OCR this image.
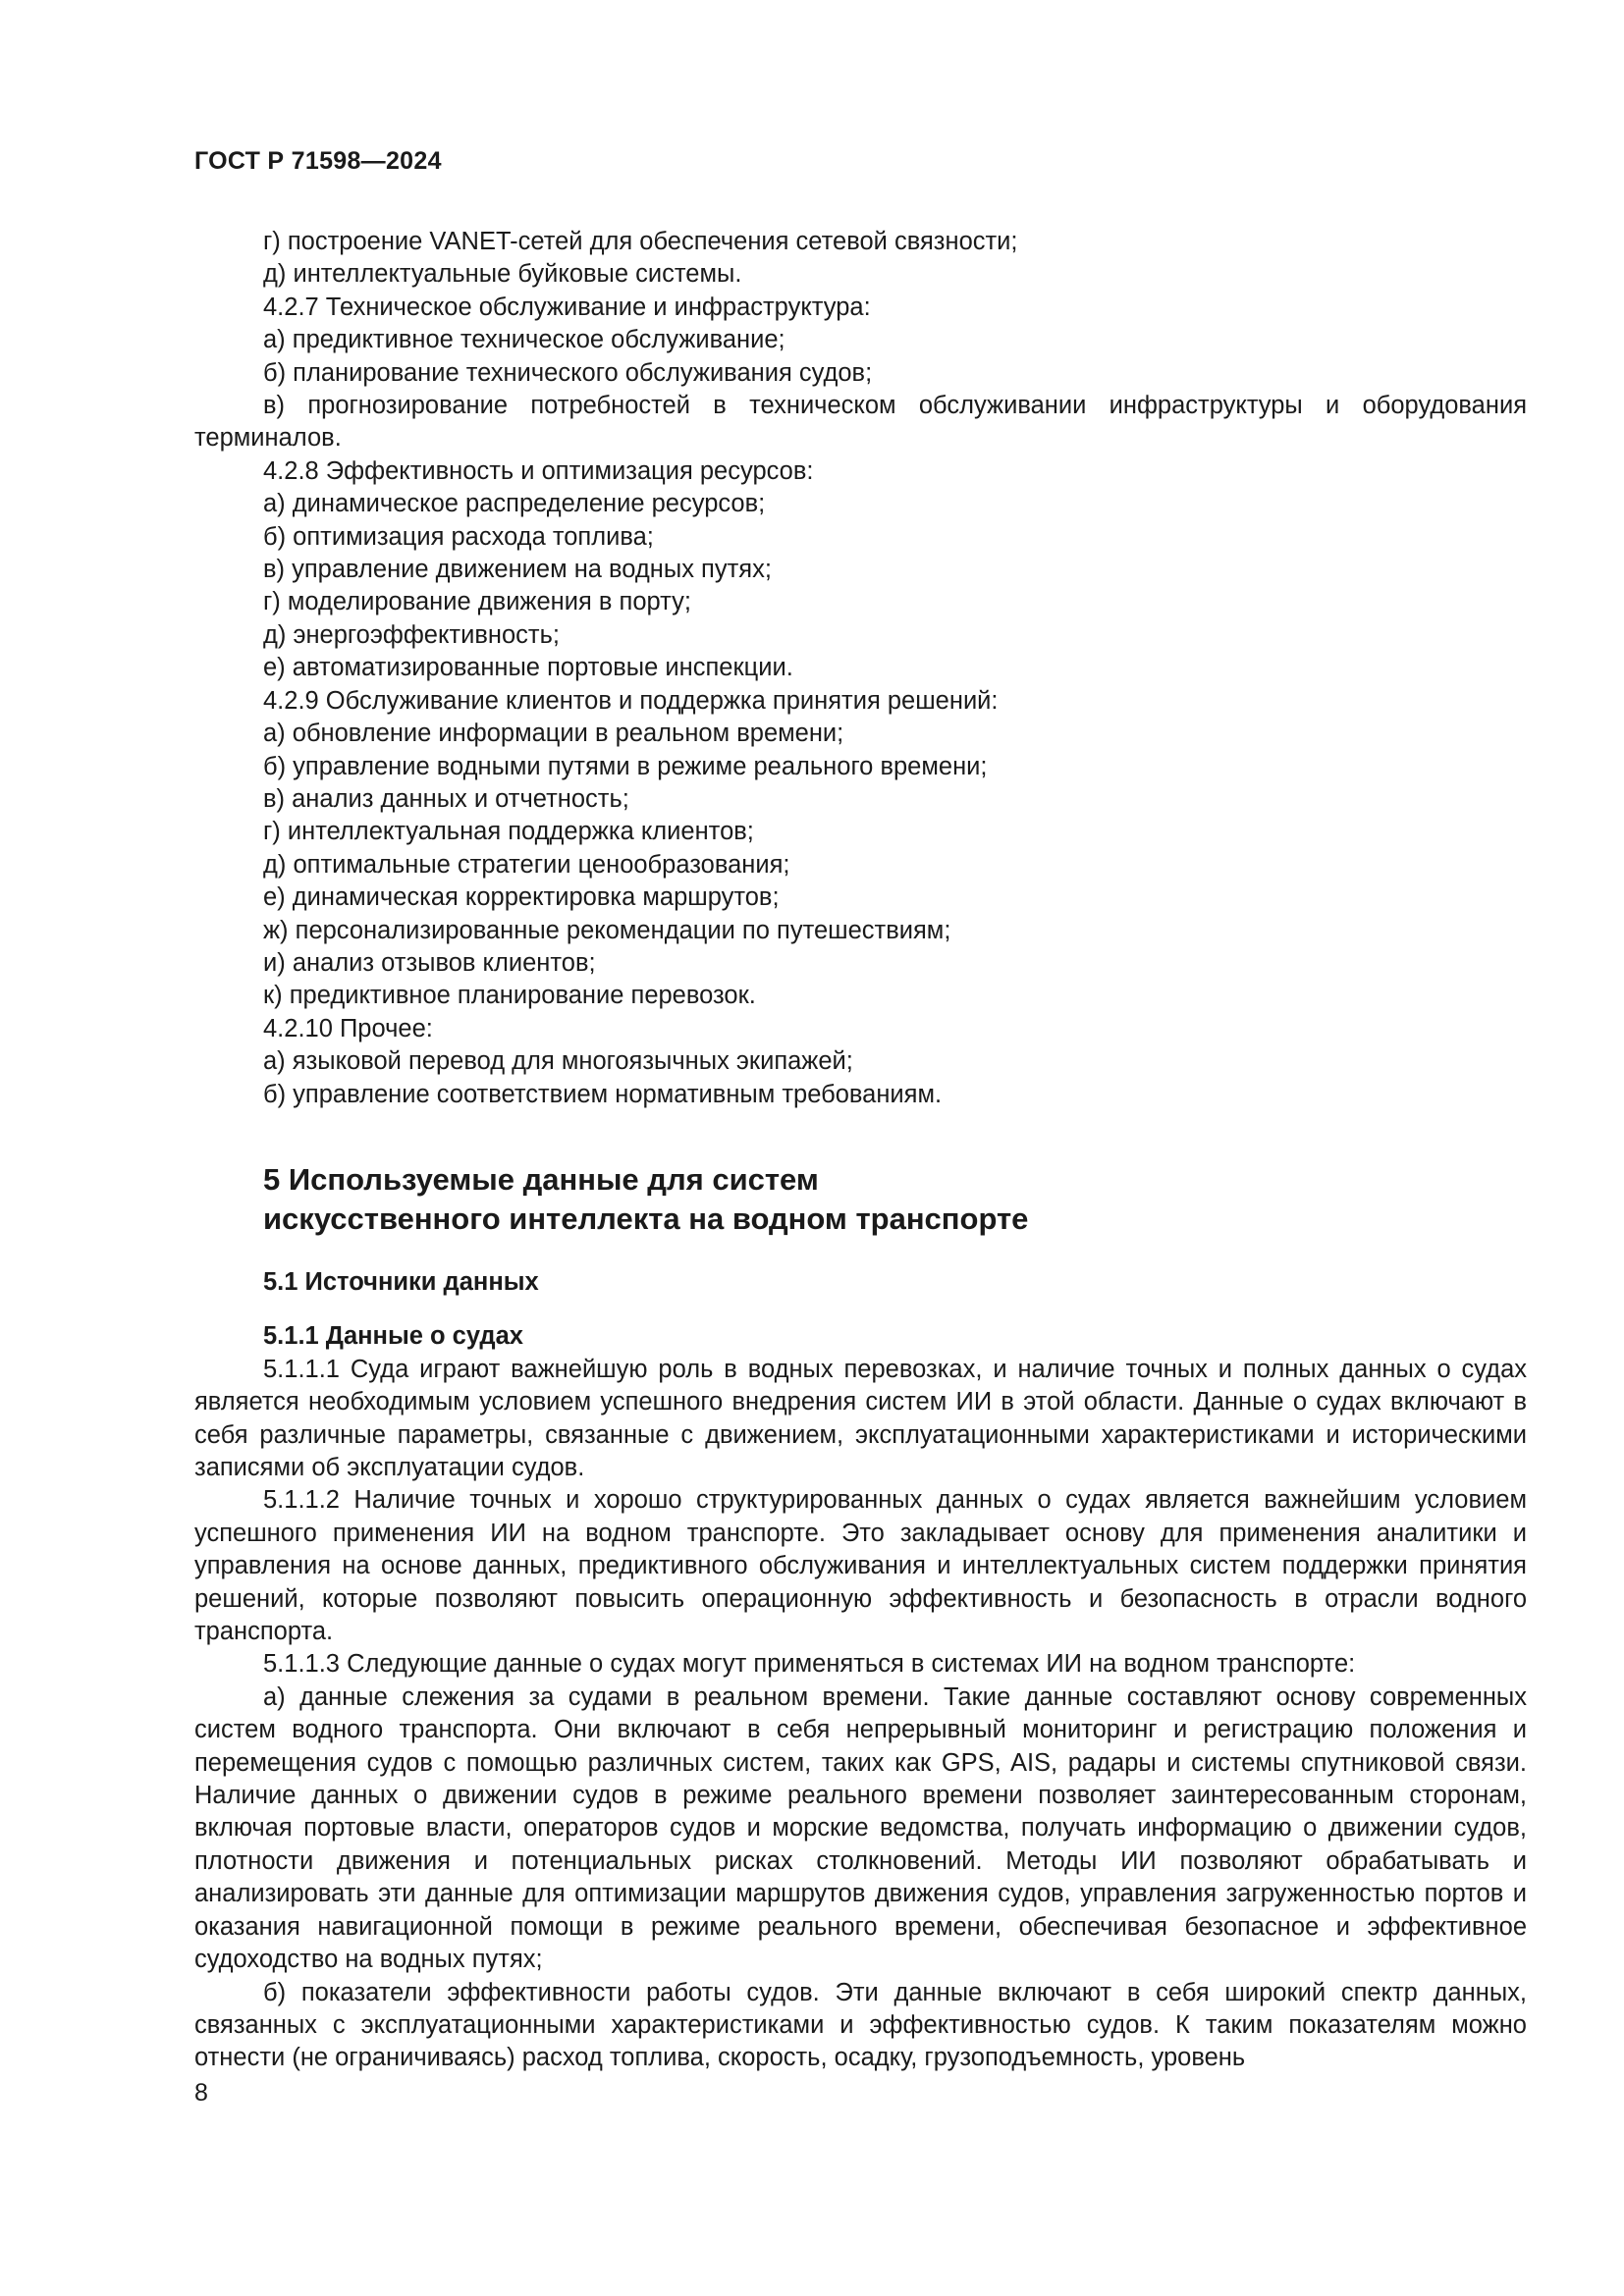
ГОСТ Р 71598—2024

г) построение VANET-сетей для обеспечения сетевой связности;

д) интеллектуальные буйковые системы.

4.2.7 Техническое обслуживание и инфраструктура:

а) предиктивное техническое обслуживание;

б) планирование технического обслуживания судов;

в) прогнозирование потребностей в техническом обслуживании инфраструктуры и оборудования терминалов.

4.2.8 Эффективность и оптимизация ресурсов:

а) динамическое распределение ресурсов;

б) оптимизация расхода топлива;

в) управление движением на водных путях;

г) моделирование движения в порту;

д) энергоэффективность;

е) автоматизированные портовые инспекции.

4.2.9 Обслуживание клиентов и поддержка принятия решений:

а) обновление информации в реальном времени;

б) управление водными путями в режиме реального времени;

в) анализ данных и отчетность;

г) интеллектуальная поддержка клиентов;

д) оптимальные стратегии ценообразования;

е) динамическая корректировка маршрутов;

ж) персонализированные рекомендации по путешествиям;

и) анализ отзывов клиентов;

к) предиктивное планирование перевозок.

4.2.10 Прочее:

а) языковой перевод для многоязычных экипажей;

б) управление соответствием нормативным требованиям.

5 Используемые данные для систем
искусственного интеллекта на водном транспорте

5.1 Источники данных

5.1.1 Данные о судах

5.1.1.1 Суда играют важнейшую роль в водных перевозках, и наличие точных и полных данных о судах является необходимым условием успешного внедрения систем ИИ в этой области. Данные о судах включают в себя различные параметры, связанные с движением, эксплуатационными характеристиками и историческими записями об эксплуатации судов.

5.1.1.2 Наличие точных и хорошо структурированных данных о судах является важнейшим условием успешного применения ИИ на водном транспорте. Это закладывает основу для применения аналитики и управления на основе данных, предиктивного обслуживания и интеллектуальных систем поддержки принятия решений, которые позволяют повысить операционную эффективность и безопасность в отрасли водного транспорта.

5.1.1.3 Следующие данные о судах могут применяться в системах ИИ на водном транспорте:

а) данные слежения за судами в реальном времени. Такие данные составляют основу современных систем водного транспорта. Они включают в себя непрерывный мониторинг и регистрацию положения и перемещения судов с помощью различных систем, таких как GPS, AIS, радары и системы спутниковой связи. Наличие данных о движении судов в режиме реального времени позволяет заинтересованным сторонам, включая портовые власти, операторов судов и морские ведомства, получать информацию о движении судов, плотности движения и потенциальных рисках столкновений. Методы ИИ позволяют обрабатывать и анализировать эти данные для оптимизации маршрутов движения судов, управления загруженностью портов и оказания навигационной помощи в режиме реального времени, обеспечивая безопасное и эффективное судоходство на водных путях;

б) показатели эффективности работы судов. Эти данные включают в себя широкий спектр данных, связанных с эксплуатационными характеристиками и эффективностью судов. К таким показателям можно отнести (не ограничиваясь) расход топлива, скорость, осадку, грузоподъемность, уровень

8
